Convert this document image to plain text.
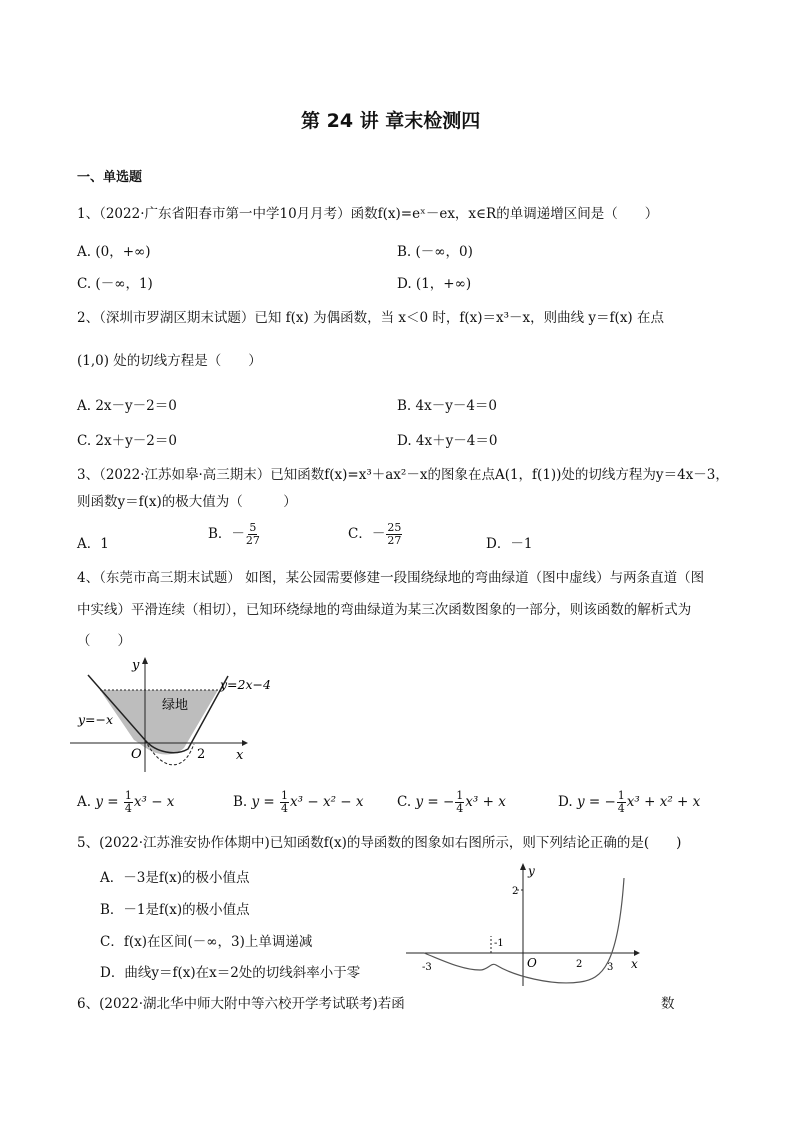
第 24 讲 章末检测四
一、单选题
1、（2022·广东省阳春市第一中学10月月考）函数f(x)=eˣ－ex，x∈R的单调递增区间是（　　）
A. (0，+∞)	B. (－∞，0)
C. (－∞，1)	D. (1，+∞)
2、（深圳市罗湖区期末试题）已知 f(x) 为偶函数，当 x＜0 时，f(x)＝x³－x，则曲线 y＝f(x) 在点
(1,0) 处的切线方程是（　　）
A. 2x－y－2＝0	B. 4x－y－4＝0
C. 2x＋y－2＝0	D. 4x＋y－4＝0
3、（2022·江苏如皋·高三期末）已知函数f(x)=x³＋ax²－x的图象在点A(1，f(1))处的切线方程为y＝4x－3，
则函数y＝f(x)的极大值为（　　　）
A．1
B．－ $\frac{5}{27}$	C．－ $\frac{25}{27}$	D．－1
4、（东莞市高三期末试题） 如图，某公园需要修建一段围绕绿地的弯曲绿道（图中虚线）与两条直道（图
中实线）平滑连续（相切），已知环绕绿地的弯曲绿道为某三次函数图象的一部分，则该函数的解析式为
（　　）
y
x
O	2
y=−x
y=2x−4
绿地
A. $y = \frac{1}{4} x^3 - x$	B. $y = \frac{1}{4} x^3 - x^2 - x$ C. y = − $\frac{1}{4} x^3 + x$	D. y = − $\frac{1}{4} x^3 + x^2 + x$
5、(2022·江苏淮安协作体期中)已知函数f(x)的导函数的图象如右图所示，则下列结论正确的是(　　)
A．－3是f(x)的极小值点
B．－1是f(x)的极小值点
C．f(x)在区间(－∞，3)上单调递减
D．曲线y＝f(x)在x＝2处的切线斜率小于零
y
x
O
2
-1
-3	2 3
6、(2022·湖北华中师大附中等六校开学考试联考)若函	数
